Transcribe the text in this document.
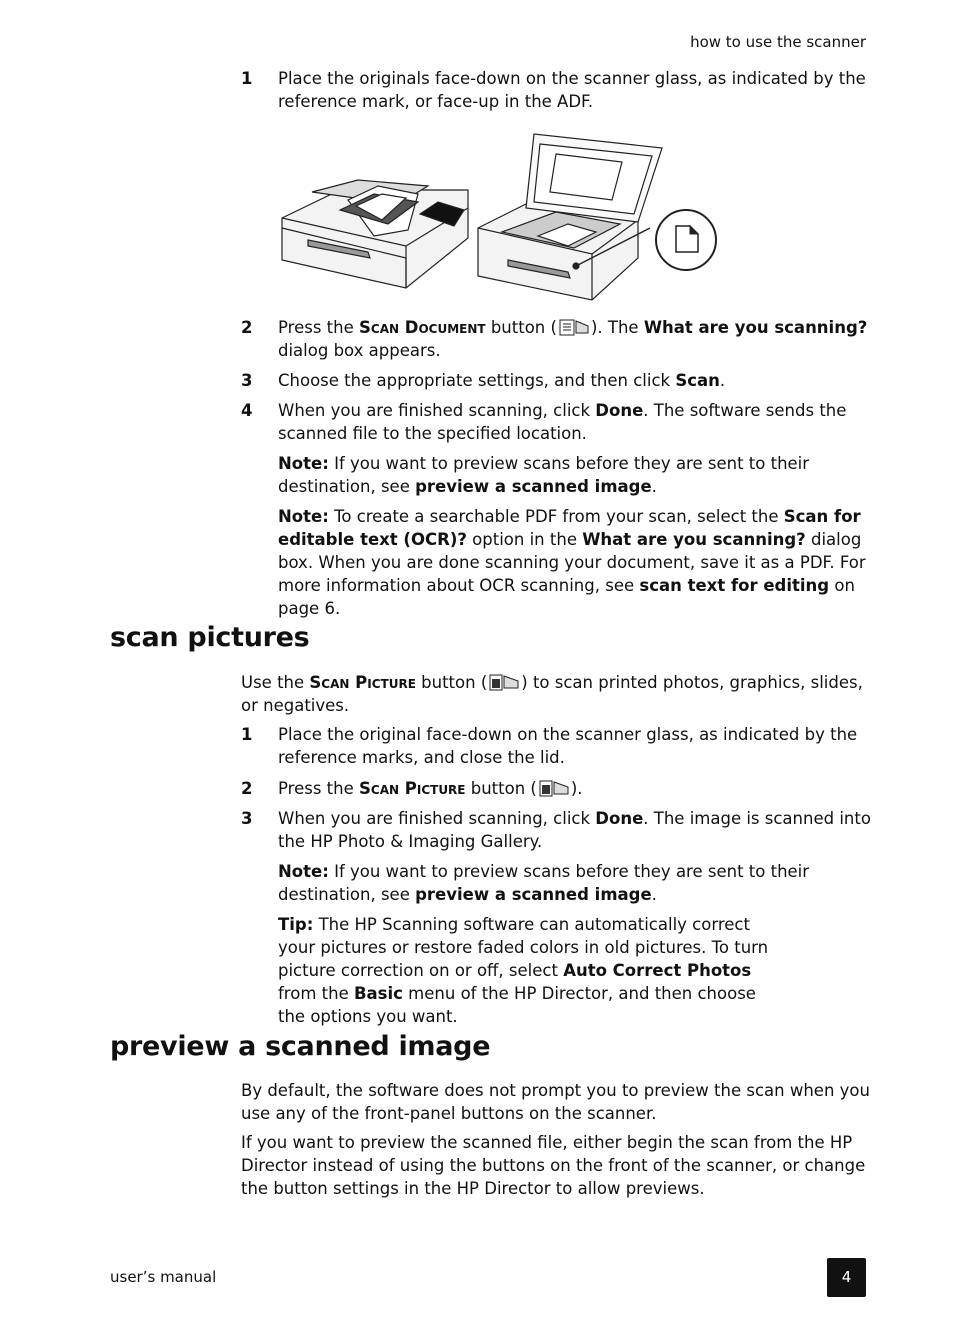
how to use the scanner
1 Place the originals face-down on the scanner glass, as indicated by the reference mark, or face-up in the ADF.
2 Press the Scan Document button ( ). The What are you scanning? dialog box appears.
3 Choose the appropriate settings, and then click Scan.
4 When you are finished scanning, click Done. The software sends the scanned file to the specified location.
Note: If you want to preview scans before they are sent to their destination, see preview a scanned image.
Note: To create a searchable PDF from your scan, select the Scan for editable text (OCR)? option in the What are you scanning? dialog box. When you are done scanning your document, save it as a PDF. For more information about OCR scanning, see scan text for editing on page 6.
scan pictures
Use the Scan Picture button ( ) to scan printed photos, graphics, slides, or negatives.
1 Place the original face-down on the scanner glass, as indicated by the reference marks, and close the lid.
2 Press the Scan Picture button ( ).
3 When you are finished scanning, click Done. The image is scanned into the HP Photo & Imaging Gallery.
Note: If you want to preview scans before they are sent to their destination, see preview a scanned image.
Tip: The HP Scanning software can automatically correct your pictures or restore faded colors in old pictures. To turn picture correction on or off, select Auto Correct Photos from the Basic menu of the HP Director, and then choose the options you want.
preview a scanned image
By default, the software does not prompt you to preview the scan when you use any of the front-panel buttons on the scanner.
If you want to preview the scanned file, either begin the scan from the HP Director instead of using the buttons on the front of the scanner, or change the button settings in the HP Director to allow previews.
user’s manual	4
